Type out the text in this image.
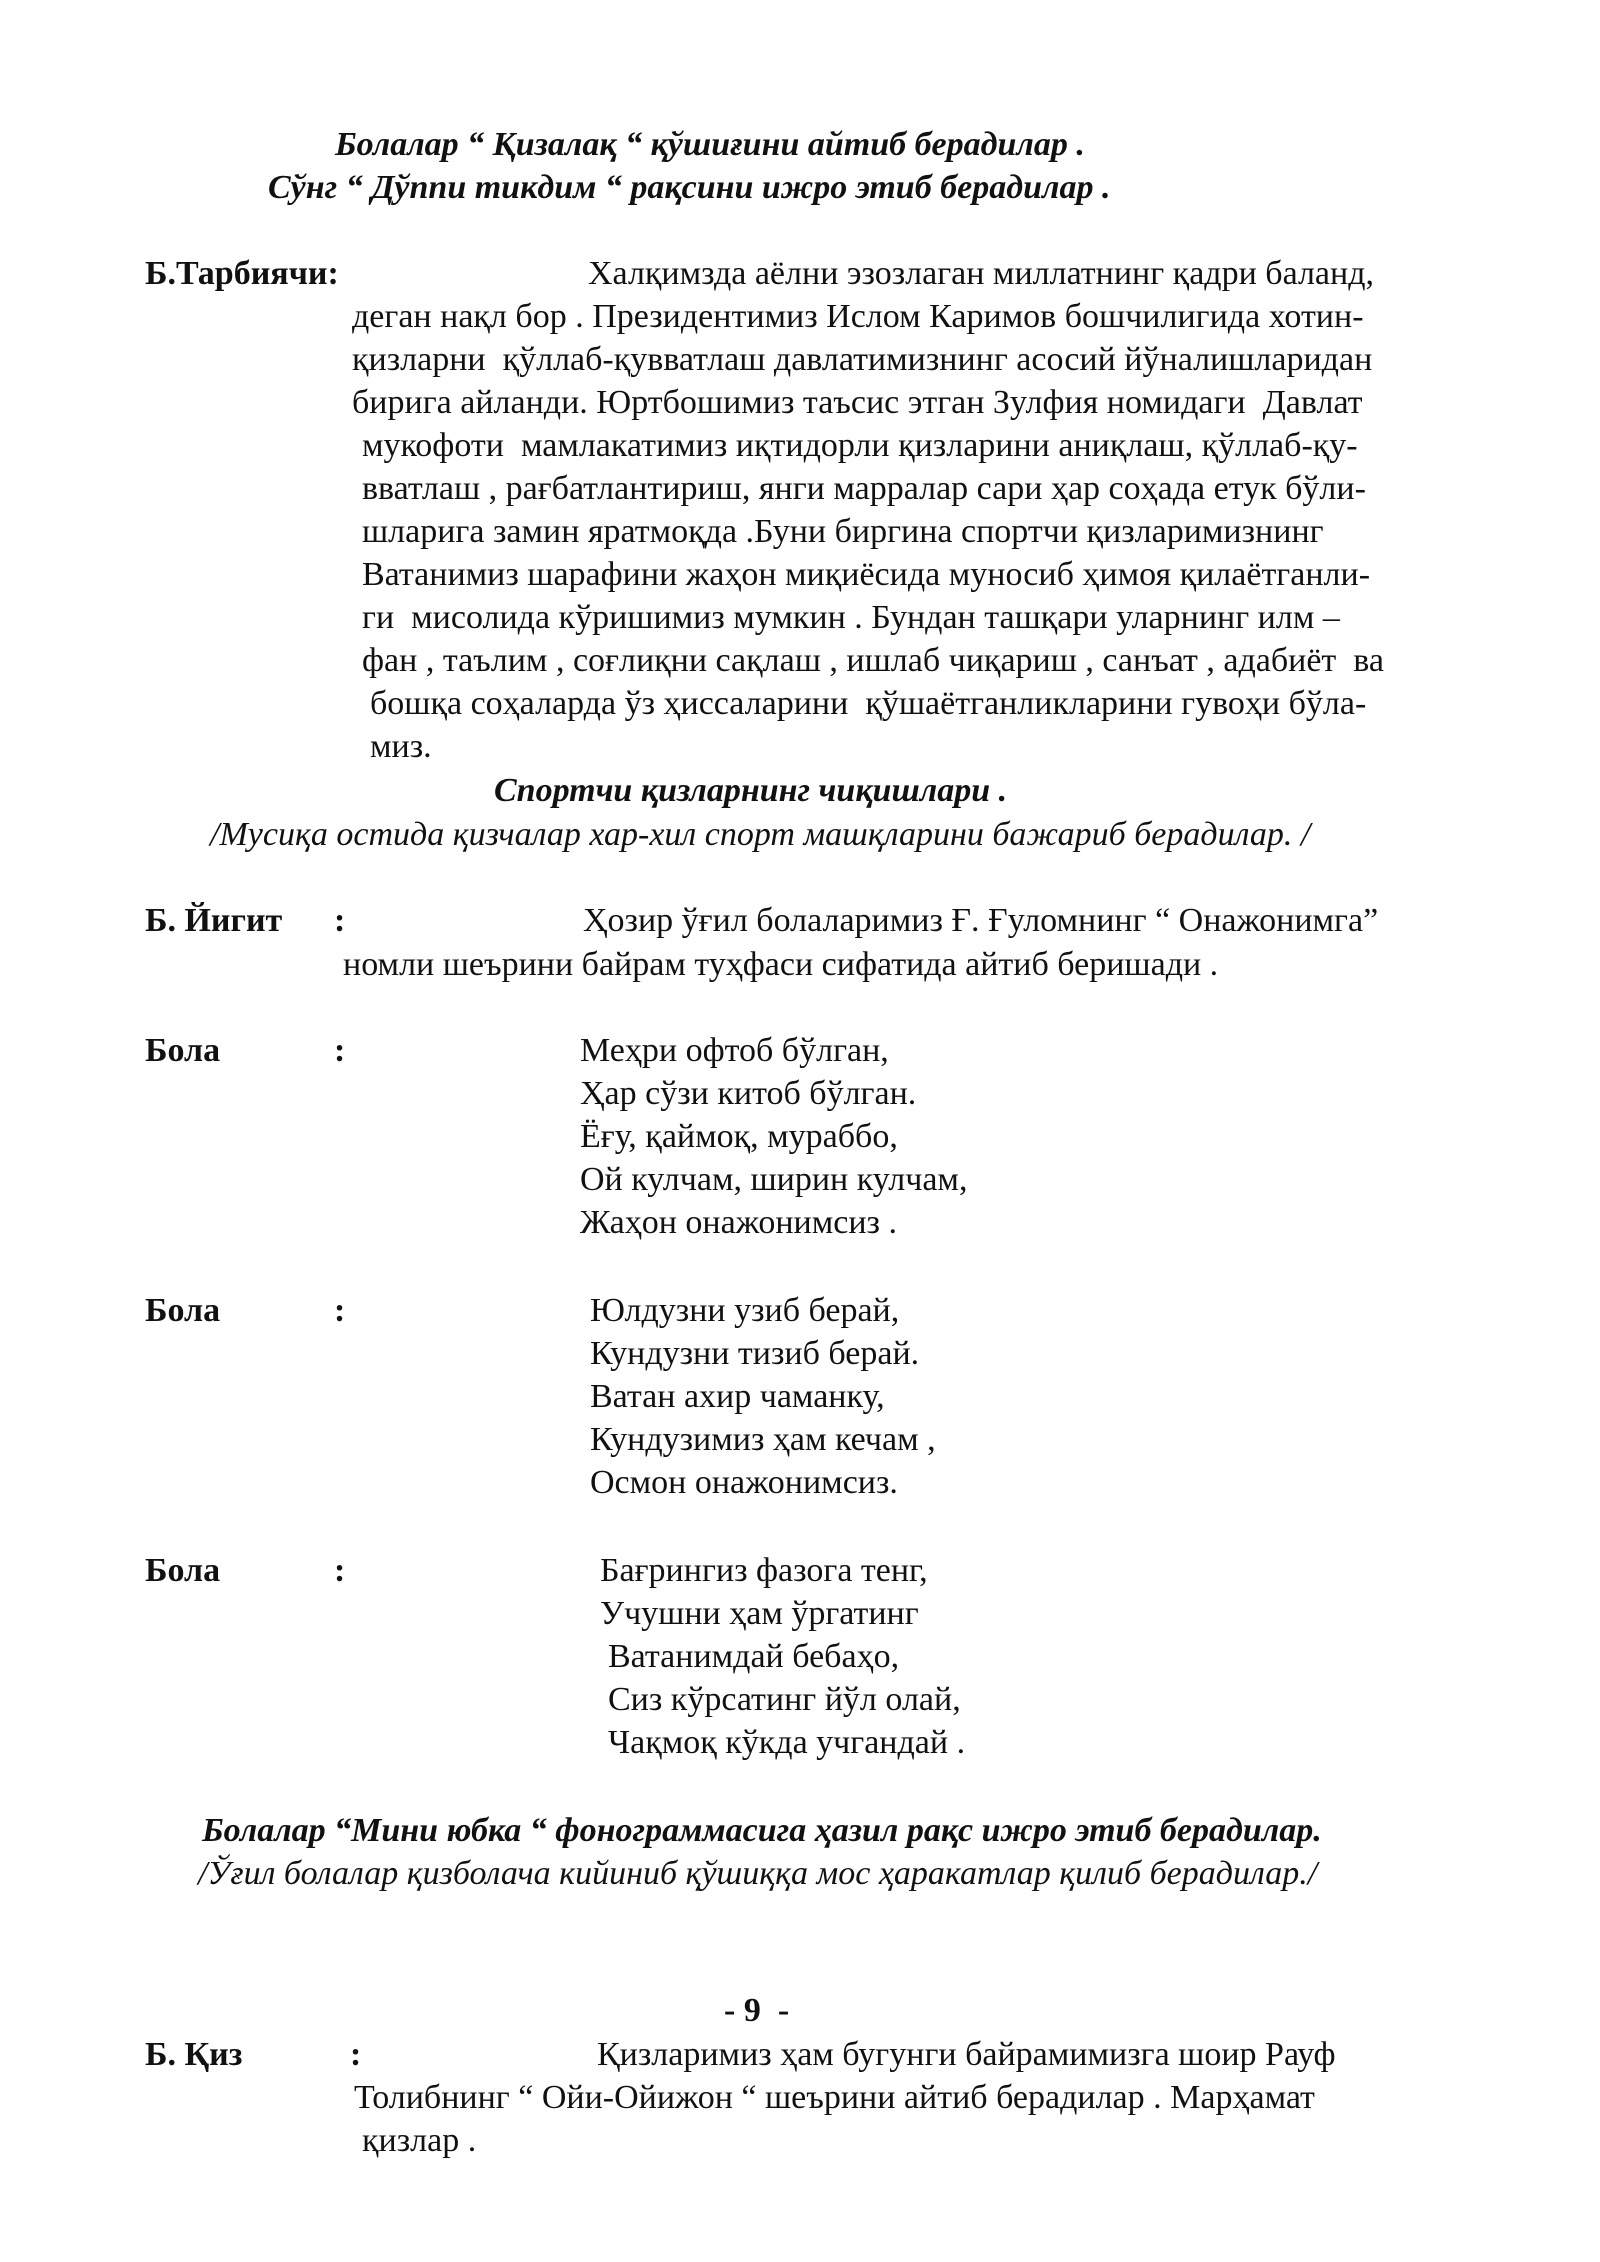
Болалар “ Қизалақ “ қўшиғини айтиб берадилар .
Сўнг “ Дўппи тикдим “ рақсини ижро этиб берадилар .
Б.Тарбиячи:	Халқимзда аёлни эзозлаган миллатнинг қадри баланд,
деган нақл бор . Президентимиз Ислом Каримов бошчилигида хотин-
қизларни  қўллаб-қувватлаш давлатимизнинг асосий йўналишларидан
бирига айланди. Юртбошимиз таъсис этган Зулфия номидаги  Давлат
мукофоти  мамлакатимиз иқтидорли қизларини аниқлаш, қўллаб-қу-
вватлаш , рағбатлантириш, янги марралар сари ҳар соҳада етук бўли-
шларига замин яратмоқда .Буни биргина спортчи қизларимизнинг
Ватанимиз шарафини жаҳон миқиёсида муносиб ҳимоя қилаётганли-
ги  мисолида кўришимиз мумкин . Бундан ташқари уларнинг илм –
фан , таълим , соғлиқни сақлаш , ишлаб чиқариш , санъат , адабиёт  ва
бошқа соҳаларда ўз ҳиссаларини  қўшаётганликларини гувоҳи бўла-
миз.
Спортчи қизларнинг чиқишлари .
/Мусиқа остида қизчалар хар-хил спорт машқларини бажариб берадилар. /
Б. Йигит :	Ҳозир ўғил болаларимиз Ғ. Ғуломнинг “ Онажонимга”
номли шеърини байрам туҳфаси сифатида айтиб беришади .
Бола	:	Меҳри офтоб бўлган,
Ҳар сўзи китоб бўлган.
Ёғу, қаймоқ, мураббо,
Ой кулчам, ширин кулчам,
Жаҳон онажонимсиз .
Бола	:	Юлдузни узиб берай,
Кундузни тизиб берай.
Ватан ахир чаманку,
Кундузимиз ҳам кечам ,
Осмон онажонимсиз.
Бола	:	Бағрингиз фазога тенг,
Учушни ҳам ўргатинг
Ватанимдай бебаҳо,
Сиз кўрсатинг йўл олай,
Чақмоқ кўкда учгандай .
Болалар “Мини юбка “ фонограммасига ҳазил рақс ижро этиб берадилар.
/Ўғил болалар қизболача кийиниб қўшиққа мос ҳаракатлар қилиб берадилар./
- 9  -
Б. Қиз	:	Қизларимиз ҳам бугунги байрамимизга шоир Рауф
Толибнинг “ Ойи-Ойижон “ шеърини айтиб берадилар . Марҳамат
қизлар .
